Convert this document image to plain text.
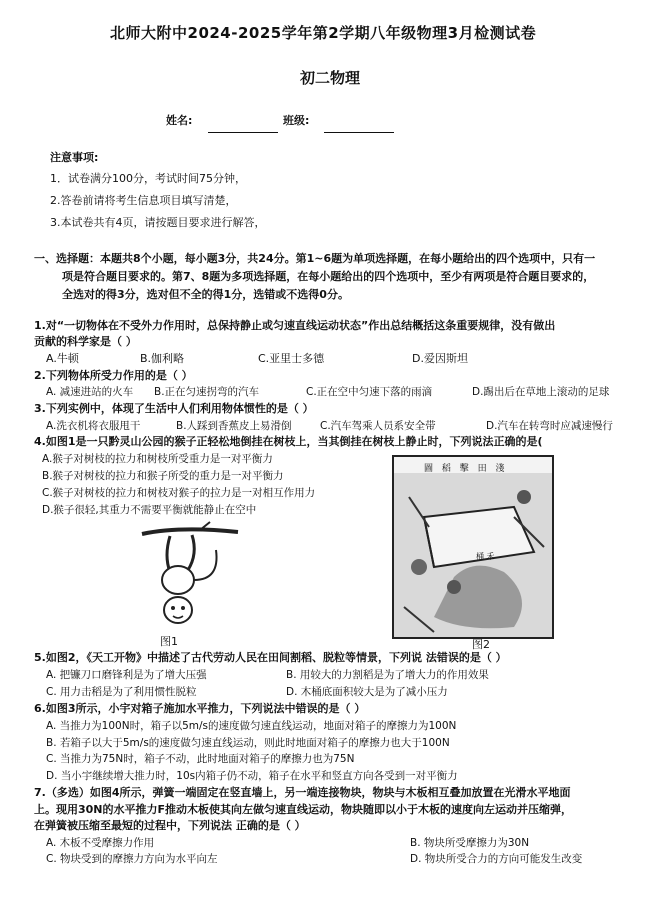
北师大附中2024-2025学年第2学期八年级物理3月检测试卷
初二物理
姓名:	班级:
注意事项:
1．试卷满分100分，考试时间75分钟，
2.答卷前请将考生信息项目填写清楚，
3.本试卷共有4页，请按题目要求进行解答，
一、选择题：本题共8个小题，每小题3分，共24分。第1~6题为单项选择题，在每小题给出的四个选项中，只有一
项是符合题目要求的。第7、8题为多项选择题，在每小题给出的四个选项中，至少有两项是符合题目要求的，
全选对的得3分，选对但不全的得1分，选错或不选得0分。
1.对“一切物体在不受外力作用时，总保持静止或匀速直线运动状态”作出总结概括这条重要规律，没有做出
贡献的科学家是（ ）
A.牛顿	B.伽利略	C.亚里士多德	D.爱因斯坦
2.下列物体所受力作用的是（ ）
A. 减速进站的火车 B.正在匀速拐弯的汽车	C.正在空中匀速下落的雨滴	D.踢出后在草地上滚动的足球
3.下列实例中，体现了生活中人们利用物体惯性的是（ ）
A.洗衣机将衣服甩干	B.人踩到香蕉皮上易滑倒	C.汽车驾乘人员系安全带	D.汽车在转弯时应减速慢行
4.如图1是一只黔灵山公园的猴子正轻松地倒挂在树枝上，当其倒挂在树枝上静止时，下列说法正确的是(
A.猴子对树枝的拉力和树枝所受重力是一对平衡力
B.猴子对树枝的拉力和猴子所受的重力是一对平衡力
C.猴子对树枝的拉力和树枝对猴子的拉力是一对相互作用力
D.猴子很轻,其重力不需要平衡就能静止在空中
图1
圖 稻 擊 田 淺
桶 禾
图2
5.如图2，《天工开物》中描述了古代劳动人民在田间割稻、脱粒等情景，下列说 法错误的是（ ）
A. 把镰刀口磨锋利是为了增大压强	B. 用较大的力割稻是为了增大力的作用效果
C. 用力击稻是为了利用惯性脱粒	D. 木桶底面积较大是为了减小压力
6.如图3所示，小宇对箱子施加水平推力，下列说法中错误的是（ ）
A. 当推力为100N时，箱子以5m/s的速度做匀速直线运动，地面对箱子的摩擦力为100N
B. 若箱子以大于5m/s的速度做匀速直线运动，则此时地面对箱子的摩擦力也大于100N
C. 当推力为75N时，箱子不动，此时地面对箱子的摩擦力也为75N
D. 当小宇继续增大推力时，10s内箱子仍不动，箱子在水平和竖直方向各受到一对平衡力
7.（多选）如图4所示，弹簧一端固定在竖直墙上，另一端连接物块，物块与木板相互叠加放置在光滑水平地面
上。现用30N的水平推力F推动木板使其向左做匀速直线运动，物块随即以小于木板的速度向左运动并压缩弹，
在弹簧被压缩至最短的过程中，下列说法 正确的是（ ）
A. 木板不受摩擦力作用	B. 物块所受摩擦力为30N
C. 物块受到的摩擦力方向为水平向左	D. 物块所受合力的方向可能发生改变
